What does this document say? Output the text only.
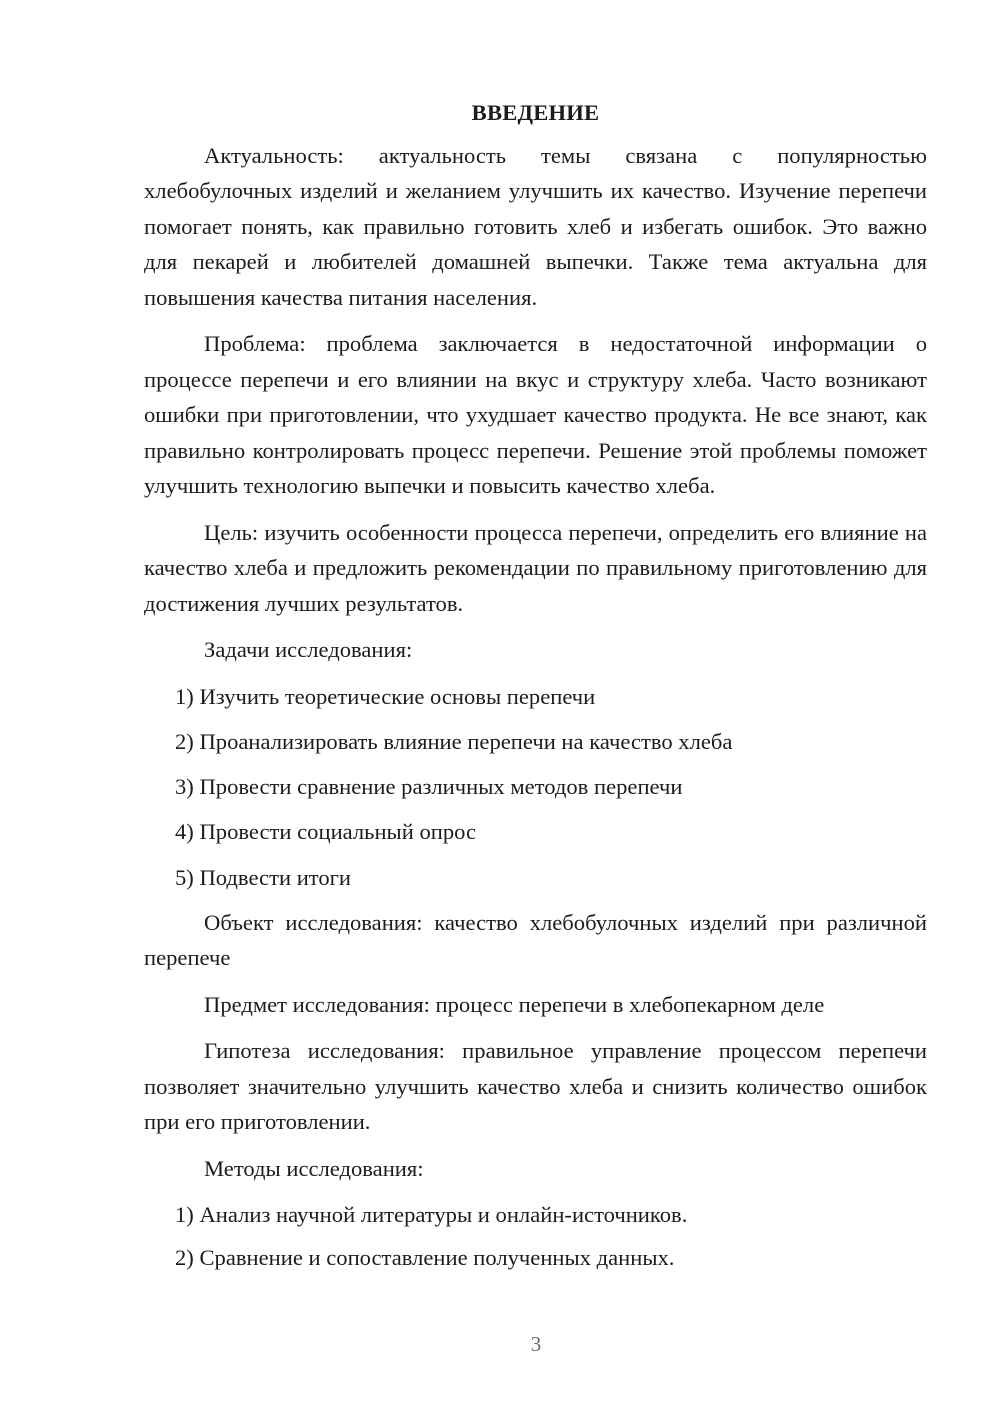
ВВЕДЕНИЕ

Актуальность: актуальность темы связана с популярностью хлебобулочных изделий и желанием улучшить их качество. Изучение перепечи помогает понять, как правильно готовить хлеб и избегать ошибок. Это важно для пекарей и любителей домашней выпечки. Также тема актуальна для повышения качества питания населения.

Проблема: проблема заключается в недостаточной информации о процессе перепечи и его влиянии на вкус и структуру хлеба. Часто возникают ошибки при приготовлении, что ухудшает качество продукта. Не все знают, как правильно контролировать процесс перепечи. Решение этой проблемы поможет улучшить технологию выпечки и повысить качество хлеба.

Цель: изучить особенности процесса перепечи, определить его влияние на качество хлеба и предложить рекомендации по правильному приготовлению для достижения лучших результатов.

Задачи исследования:

1) Изучить теоретические основы перепечи
2) Проанализировать влияние перепечи на качество хлеба
3) Провести сравнение различных методов перепечи
4) Провести социальный опрос
5) Подвести итоги

Объект исследования: качество хлебобулочных изделий при различной перепече

Предмет исследования: процесс перепечи в хлебопекарном деле

Гипотеза исследования: правильное управление процессом перепечи позволяет значительно улучшить качество хлеба и снизить количество ошибок при его приготовлении.

Методы исследования:

1) Анализ научной литературы и онлайн-источников.
2) Сравнение и сопоставление полученных данных.
3
